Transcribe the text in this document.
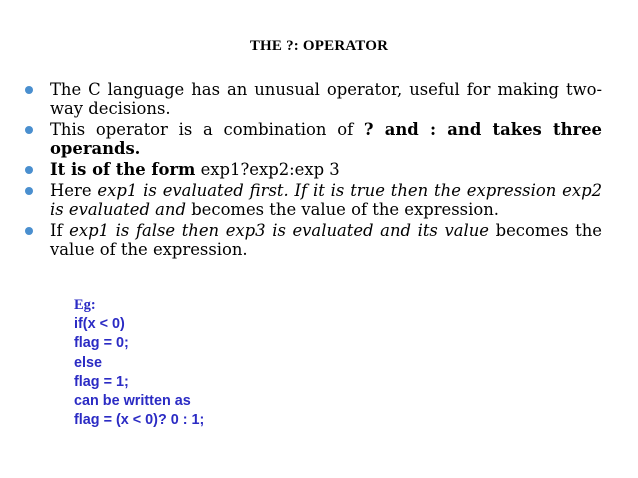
THE ?: OPERATOR
The C language has an unusual operator, useful for making two-way decisions.
This operator is a combination of ? and : and takes three operands.
It is of the form exp1?exp2:exp 3
Here exp1 is evaluated first. If it is true then the expression exp2 is evaluated and becomes the value of the expression.
If exp1 is false then exp3 is evaluated and its value becomes the value of the expression.
Eg:
if(x < 0)
flag = 0;
else
flag = 1;
can be written as
flag = (x < 0)? 0 : 1;
